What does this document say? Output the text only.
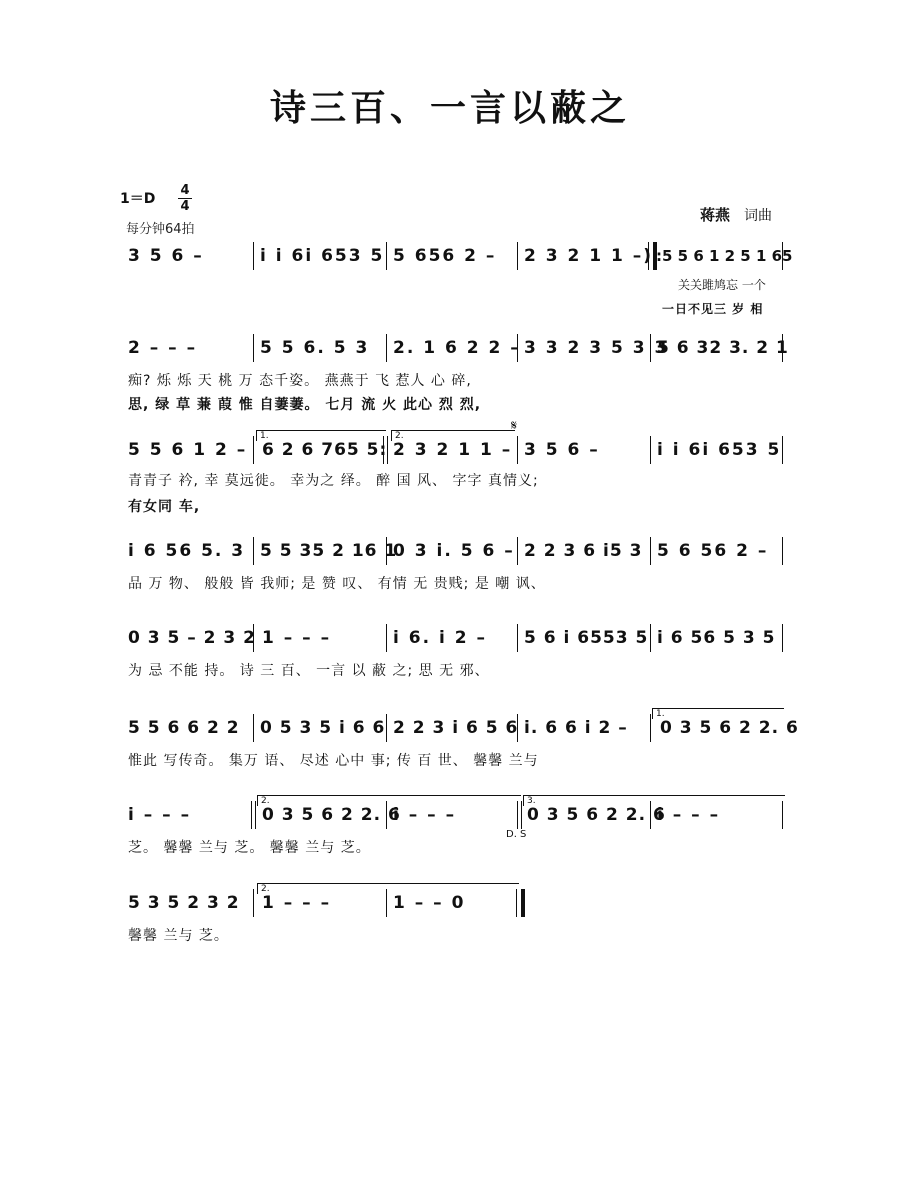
诗三百、一言以蔽之
1＝D
4
4
每分钟64拍
蒋燕 词曲
3 5 6 –	i i 6i 653 5 5 656 2 – 2 3 2 1 1 –) :5 5 6 1 2 5 1 65
关关雎鸠忘 一个
一日不见三 岁 相
2 – – –	5 5 6. 5 3 2. 1 6 2 2 – 3 3 2 3 5 3 3
5 6 32 3. 2 1
痴? 烁 烁 天 桃 万 态千姿。 燕燕于 飞 惹人 心 碎,
思, 绿 草 蒹 葭 惟 自萋萋。 七月 流 火 此心 烈 烈,
5 5 6 1 2 –
1.
6 2 6 765 5:
2.
2 3 2 1 1 –
𝄋
3 5 6 –	i i 6i 653 5
青青子 衿, 幸 莫远徙。 幸为之 绎。 醉 国 风、 字字 真情义;
有女同 车,
i 6 56 5. 3 5 5 35 2 16 1
0 3 i. 5 6 – 2 2 3 6 i5 3 5 6 56 2 –
品 万 物、 般般 皆 我师; 是 赞 叹、 有情 无 贵贱; 是 嘲 讽、
0 3 5 – 2 3 2 1 – – –	i 6. i 2 – 5 6 i 6553 5 i 6 56 5 3 5
为 忌 不能 持。 诗 三 百、 一言 以 蔽 之; 思 无 邪、
5 5 6 6 2 2 0 5 3 5 i 6 6 2 2 3 i 6 5 6 i. 6 6 i 2 –
1.
0 3 5 6 2 2. 6
惟此 写传奇。 集万 语、 尽述 心中 事; 传 百 世、 馨馨 兰与
i – – –
2.
0 3 5 6 2 2. 6
i – – –
3.
D. S
0 3 5 6 2 2. 6
i – – –
芝。 馨馨 兰与 芝。 馨馨 兰与 芝。
5 3 5 2 3 2
2.
1 – – –	1 – – 0
馨馨 兰与 芝。
